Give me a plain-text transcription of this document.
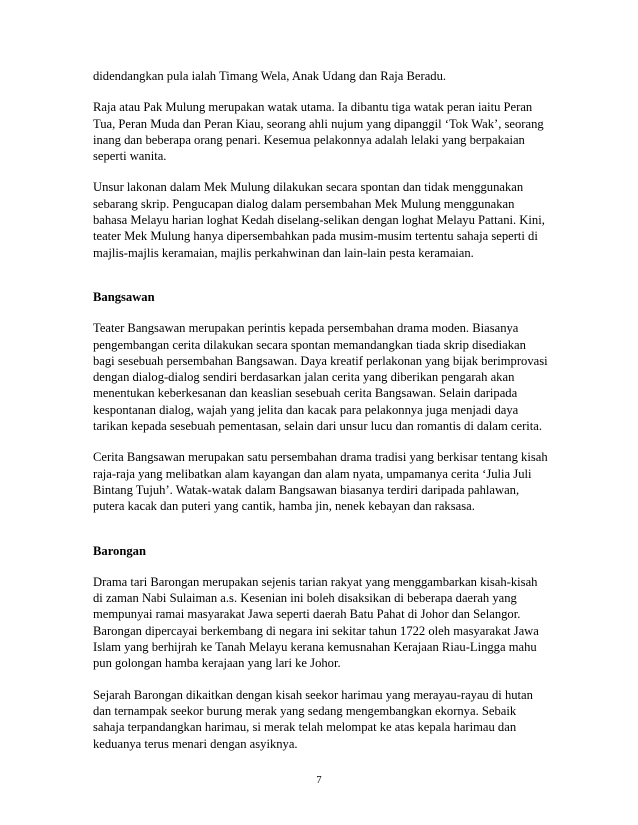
didendangkan pula ialah Timang Wela, Anak Udang dan Raja Beradu.

Raja atau Pak Mulung merupakan watak utama. Ia dibantu tiga watak peran iaitu Peran Tua, Peran Muda dan Peran Kiau, seorang ahli nujum yang dipanggil ‘Tok Wak’, seorang inang dan beberapa orang penari. Kesemua pelakonnya adalah lelaki yang berpakaian seperti wanita.

Unsur lakonan dalam Mek Mulung dilakukan secara spontan dan tidak menggunakan sebarang skrip. Pengucapan dialog dalam persembahan Mek Mulung menggunakan bahasa Melayu harian loghat Kedah diselang-selikan dengan loghat Melayu Pattani. Kini, teater Mek Mulung hanya dipersembahkan pada musim-musim tertentu sahaja seperti di majlis-majlis keramaian, majlis perkahwinan dan lain-lain pesta keramaian.

Bangsawan

Teater Bangsawan merupakan perintis kepada persembahan drama moden. Biasanya pengembangan cerita dilakukan secara spontan memandangkan tiada skrip disediakan bagi sesebuah persembahan Bangsawan. Daya kreatif perlakonan yang bijak berimprovasi dengan dialog-dialog sendiri berdasarkan jalan cerita yang diberikan pengarah akan menentukan keberkesanan dan keaslian sesebuah cerita Bangsawan. Selain daripada kespontanan dialog, wajah yang jelita dan kacak para pelakonnya juga menjadi daya tarikan kepada sesebuah pementasan, selain dari unsur lucu dan romantis di dalam cerita.

Cerita Bangsawan merupakan satu persembahan drama tradisi yang berkisar tentang kisah raja-raja yang melibatkan alam kayangan dan alam nyata, umpamanya cerita ‘Julia Juli Bintang Tujuh’. Watak-watak dalam Bangsawan biasanya terdiri daripada pahlawan, putera kacak dan puteri yang cantik, hamba jin, nenek kebayan dan raksasa.

Barongan

Drama tari Barongan merupakan sejenis tarian rakyat yang menggambarkan kisah-kisah di zaman Nabi Sulaiman a.s. Kesenian ini boleh disaksikan di beberapa daerah yang mempunyai ramai masyarakat Jawa seperti daerah Batu Pahat di Johor dan Selangor. Barongan dipercayai berkembang di negara ini sekitar tahun 1722 oleh masyarakat Jawa Islam yang berhijrah ke Tanah Melayu kerana kemusnahan Kerajaan Riau-Lingga mahu pun golongan hamba kerajaan yang lari ke Johor.

Sejarah Barongan dikaitkan dengan kisah seekor harimau yang merayau-rayau di hutan dan ternampak seekor burung merak yang sedang mengembangkan ekornya. Sebaik sahaja terpandangkan harimau, si merak telah melompat ke atas kepala harimau dan keduanya terus menari dengan asyiknya.

7
